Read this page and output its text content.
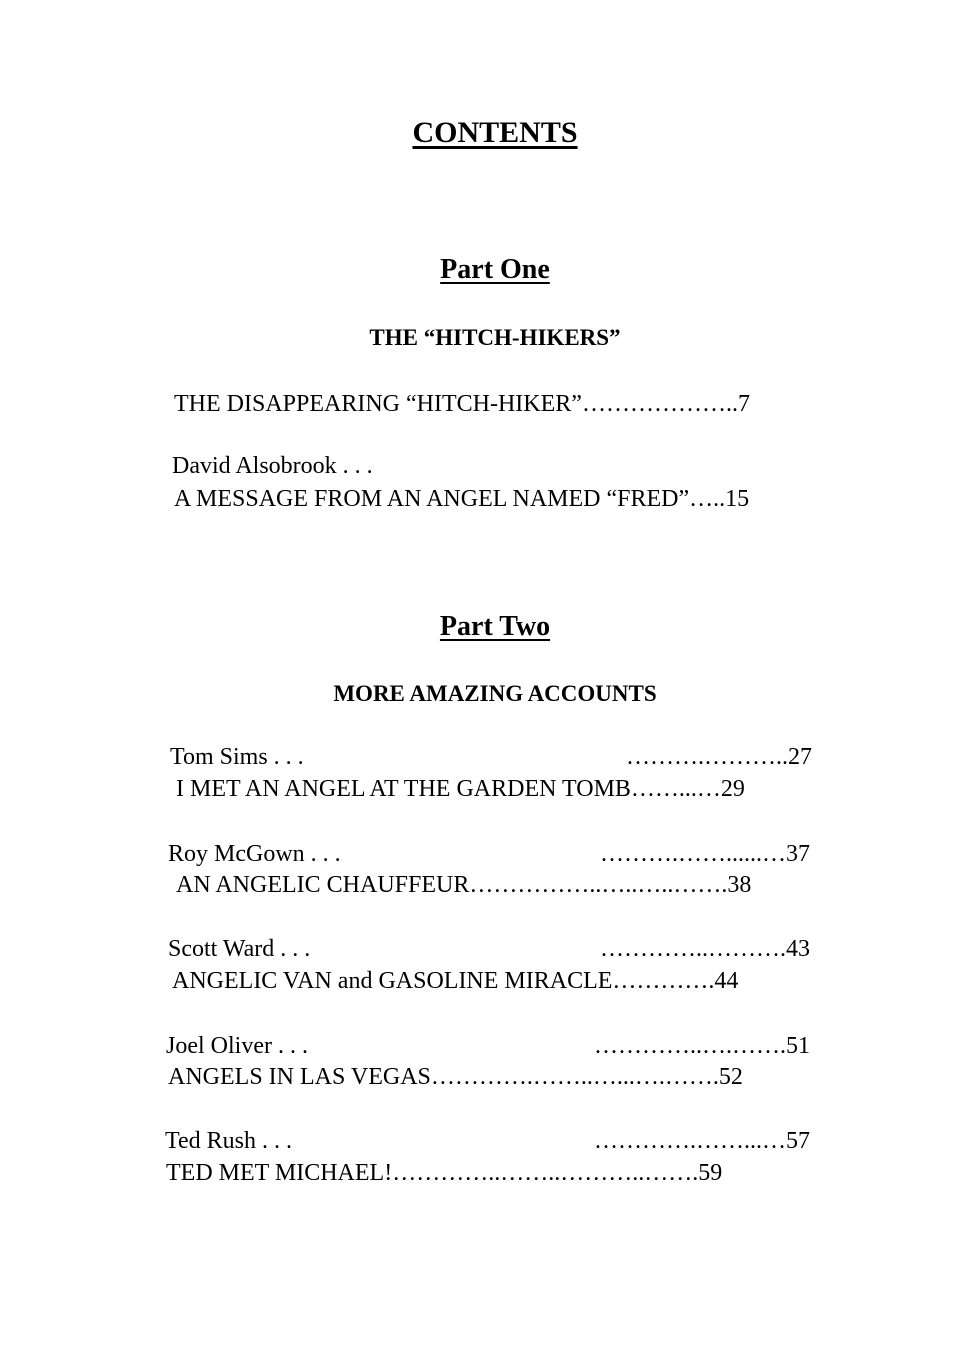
CONTENTS
Part One
THE “HITCH-HIKERS”
THE DISAPPEARING “HITCH-HIKER”………………..7
David Alsobrook . . .
A MESSAGE FROM AN ANGEL NAMED “FRED”…..15
Part Two
MORE AMAZING ACCOUNTS
Tom Sims . . .	……….………..27
I MET AN ANGEL AT THE GARDEN TOMB……...…29
Roy McGown . . .	……….……......…37
AN ANGELIC CHAUFFEUR……………..…..…..…….38
Scott Ward . . .	…………..……….43
ANGELIC VAN and GASOLINE MIRACLE………….44
Joel Oliver . . .	…………..….…….51
ANGELS IN LAS VEGAS………….……..…...….…….52
Ted Rush . . .	………….……...…57
TED MET MICHAEL!…………..……..………..…….59
